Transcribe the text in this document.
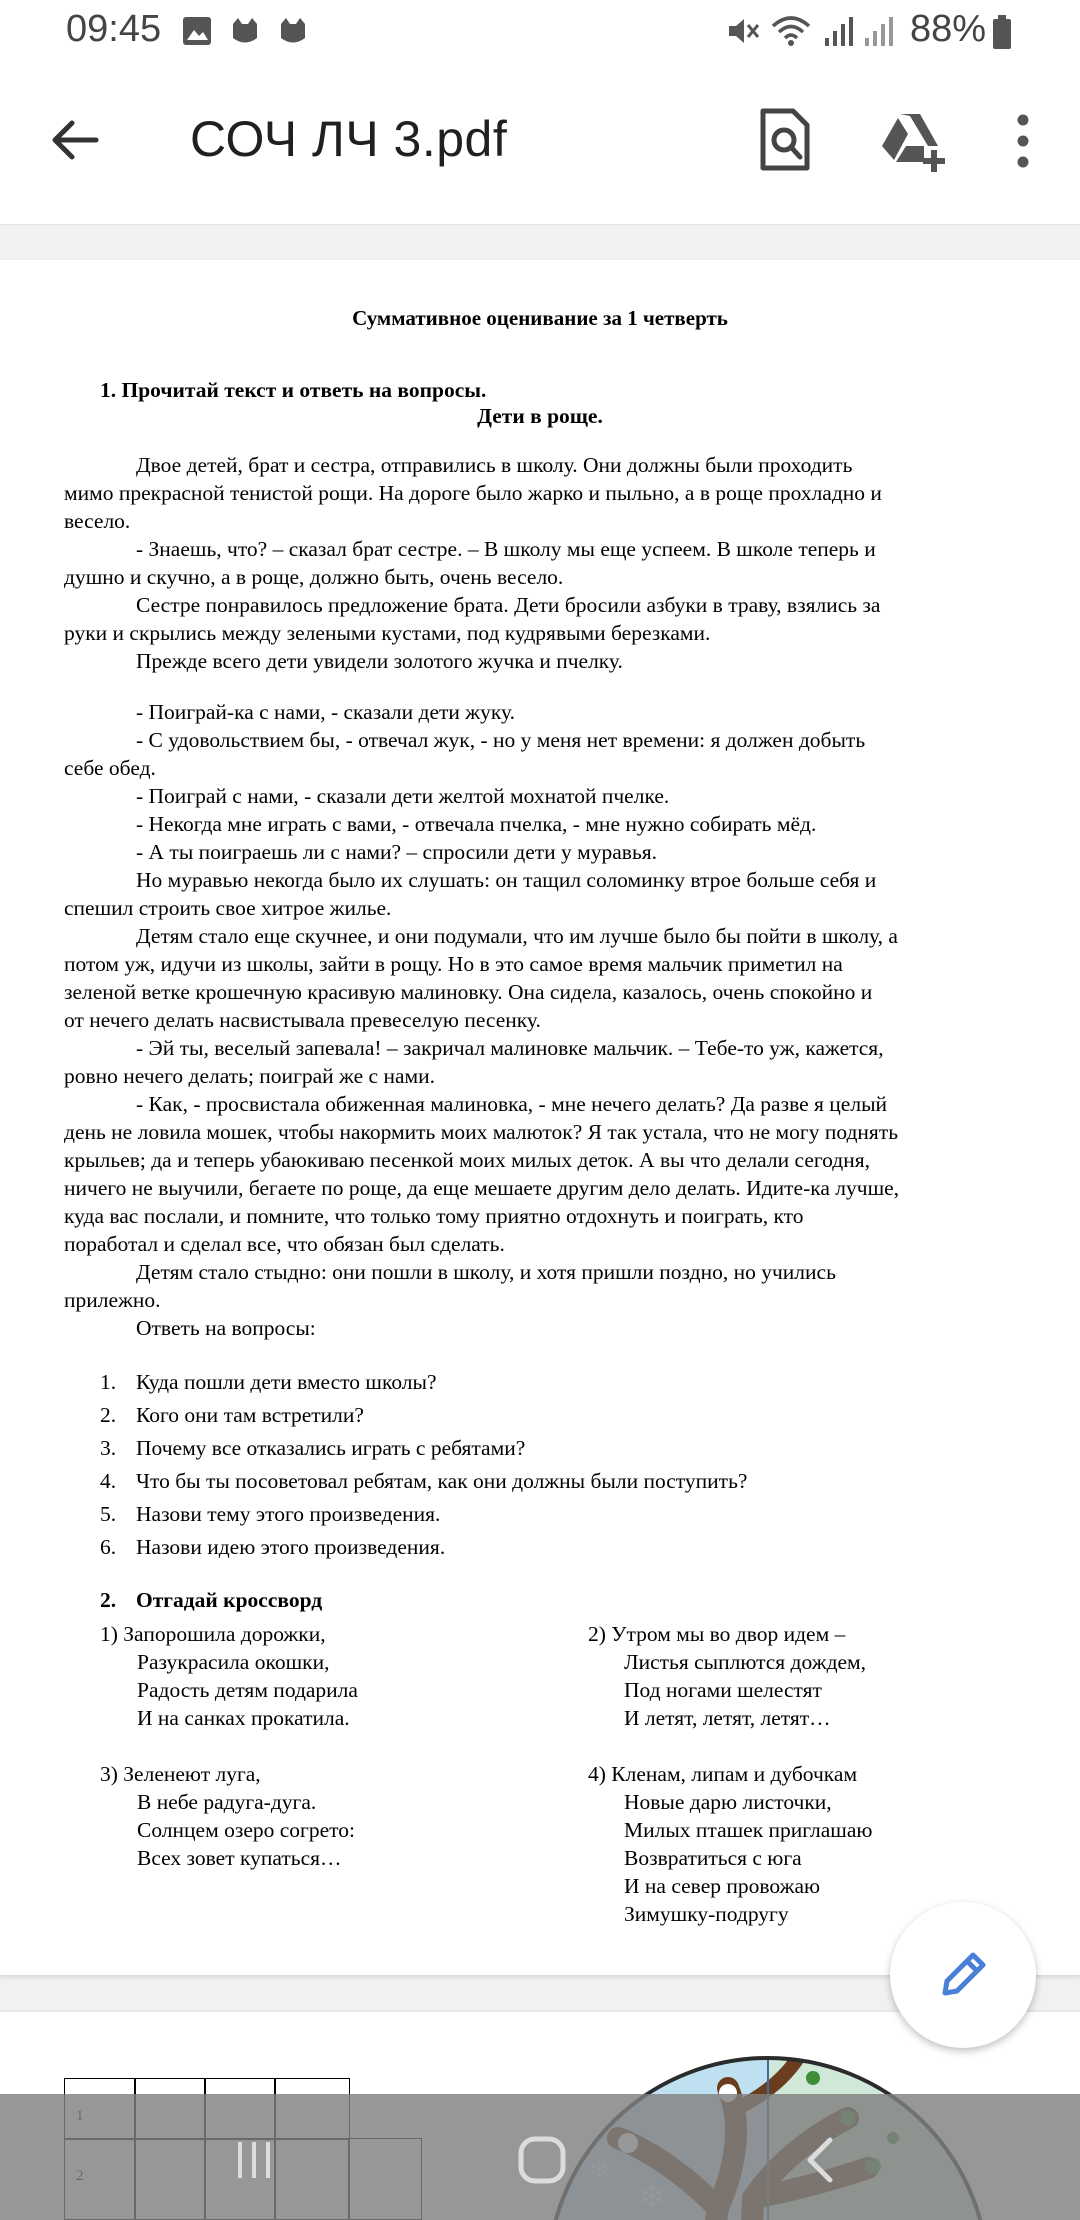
09:45	88%
СОЧ ЛЧ 3.pdf
Суммативное оценивание за 1 четверть
1. Прочитай текст и ответь на вопросы.
Дети в роще.
Двое детей, брат и сестра, отправились в школу. Они должны были проходить
мимо прекрасной тенистой рощи. На дороге было жарко и пыльно, а в роще прохладно и
весело.
- Знаешь, что? – сказал брат сестре. – В школу мы еще успеем. В школе теперь и
душно и скучно, а в роще, должно быть, очень весело.
Сестре понравилось предложение брата. Дети бросили азбуки в траву, взялись за
руки и скрылись между зелеными кустами, под кудрявыми березками.
Прежде всего дети увидели золотого жучка и пчелку.
- Поиграй-ка с нами, - сказали дети жуку.
- С удовольствием бы, - отвечал жук, - но у меня нет времени: я должен добыть
себе обед.
- Поиграй с нами, - сказали дети желтой мохнатой пчелке.
- Некогда мне играть с вами, - отвечала пчелка, - мне нужно собирать мёд.
- А ты поиграешь ли с нами? – спросили дети у муравья.
Но муравью некогда было их слушать: он тащил соломинку втрое больше себя и
спешил строить свое хитрое жилье.
Детям стало еще скучнее, и они подумали, что им лучше было бы пойти в школу, а
потом уж, идучи из школы, зайти в рощу. Но в это самое время мальчик приметил на
зеленой ветке крошечную красивую малиновку. Она сидела, казалось, очень спокойно и
от нечего делать насвистывала превеселую песенку.
- Эй ты, веселый запевала! – закричал малиновке мальчик. – Тебе-то уж, кажется,
ровно нечего делать; поиграй же с нами.
- Как, - просвистала обиженная малиновка, - мне нечего делать? Да разве я целый
день не ловила мошек, чтобы накормить моих малюток? Я так устала, что не могу поднять
крыльев; да и теперь убаюкиваю песенкой моих милых деток. А вы что делали сегодня,
ничего не выучили, бегаете по роще, да еще мешаете другим дело делать. Идите-ка лучше,
куда вас послали, и помните, что только тому приятно отдохнуть и поиграть, кто
поработал и сделал все, что обязан был сделать.
Детям стало стыдно: они пошли в школу, и хотя пришли поздно, но учились
прилежно.
Ответь на вопросы:
1. Куда пошли дети вместо школы?
2. Кого они там встретили?
3. Почему все отказались играть с ребятами?
4. Что бы ты посоветовал ребятам, как они должны были поступить?
5. Назови тему этого произведения.
6. Назови идею этого произведения.
2. Отгадай кроссворд
1) Запорошила дорожки,
Разукрасила окошки,
Радость детям подарила
И на санках прокатила.
2) Утром мы во двор идем –
Листья сыплются дождем,
Под ногами шелестят
И летят, летят, летят…
3) Зеленеют луга,
В небе радуга-дуга.
Солнцем озеро согрето:
Всех зовет купаться…
4) Кленам, липам и дубочкам
Новые дарю листочки,
Милых пташек приглашаю
Возвратиться с юга
И на север провожаю
Зимушку-подругу
